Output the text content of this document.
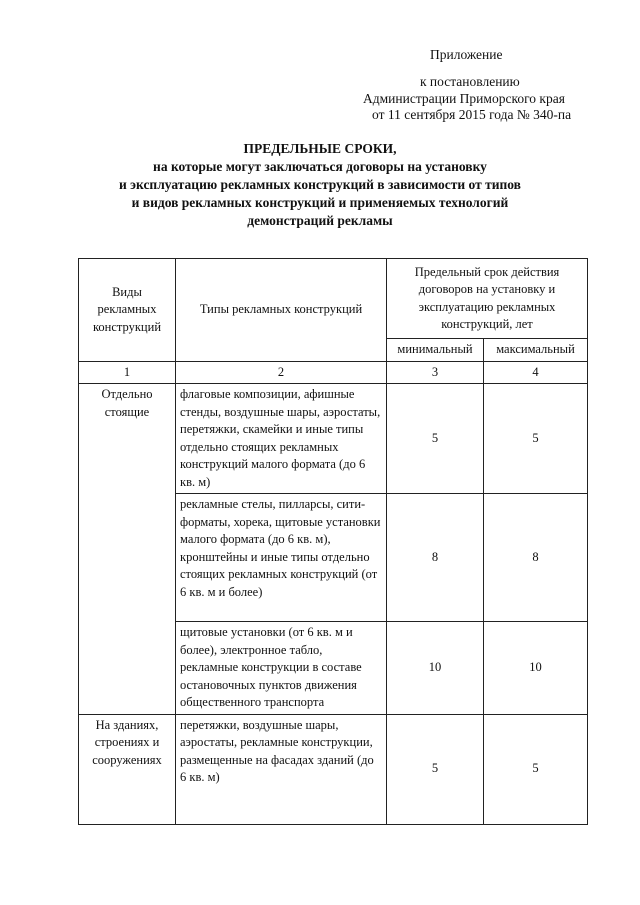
Приложение
к постановлению
Администрации Приморского края
от 11 сентября 2015 года № 340-па
ПРЕДЕЛЬНЫЕ СРОКИ,
на которые могут заключаться договоры на установку
и эксплуатацию рекламных конструкций в зависимости от типов
и видов рекламных конструкций и применяемых технологий
демонстраций рекламы
Виды рекламных конструкций	Типы рекламных конструкций	Предельный срок действия договоров на установку и эксплуатацию рекламных конструкций, лет	
		минимальный	максимальный
1	2	3	4
Отдельно стоящие	флаговые композиции, афишные стенды, воздушные шары, аэростаты, перетяжки, скамейки и иные типы отдельно стоящих рекламных конструкций малого формата (до 6 кв. м)	5	5
	рекламные стелы, пилларсы, сити-форматы, хорека, щитовые установки малого формата (до 6 кв. м), кронштейны и иные типы отдельно стоящих рекламных конструкций (от 6 кв. м и более)	8	8
	щитовые установки (от 6 кв. м и более), электронное табло, рекламные конструкции в составе остановочных пунктов движения общественного транспорта	10	10
На зданиях, строениях и сооружениях	перетяжки, воздушные шары, аэростаты, рекламные конструкции, размещенные на фасадах зданий (до 6 кв. м)	5	5
